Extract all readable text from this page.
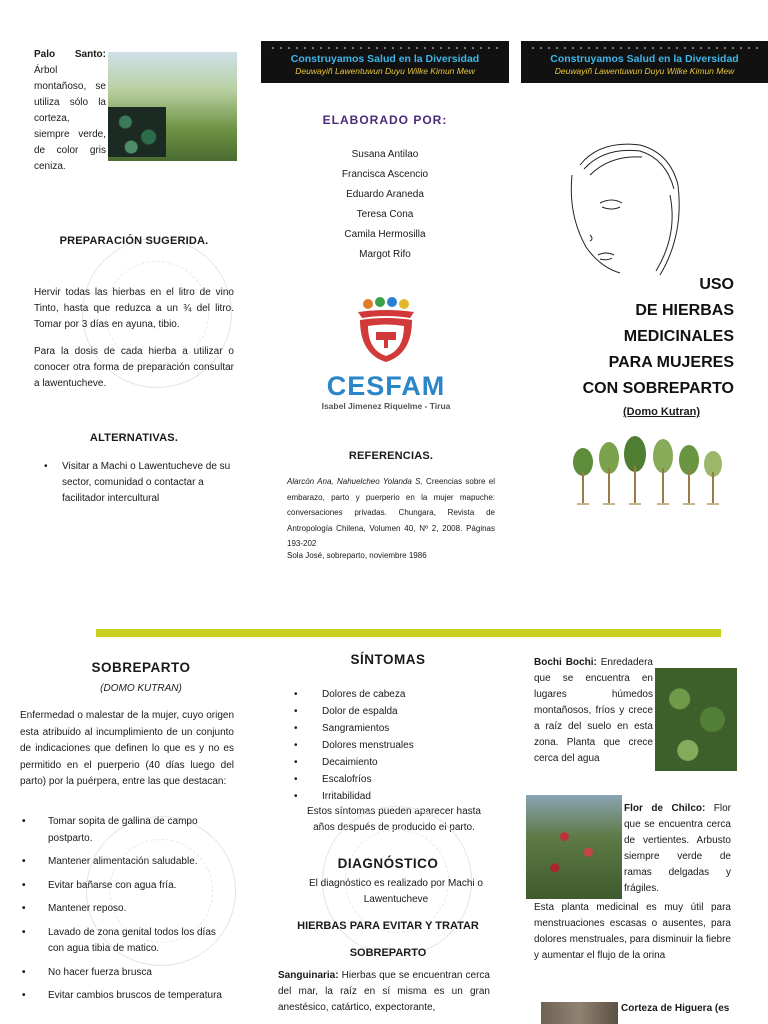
Palo Santo: Árbol montañoso, se utiliza sólo la corteza, siempre verde, de color gris ceniza.
PREPARACIÓN SUGERIDA.
Hervir todas las hierbas en el litro de vino Tinto, hasta que reduzca a un ¾ del litro. Tomar por 3 días en ayuna, tibio.
Para la dosis de cada hierba a utilizar o conocer otra forma de preparación consultar a lawentucheve.
ALTERNATIVAS.
• Visitar a Machi o Lawentucheve de su sector, comunidad o contactar a facilitador intercultural
Construyamos Salud en la Diversidad
Deuwayiñ Lawentuwun Duyu Wilke Kimun Mew
ELABORADO POR:
Susana Antilao
Francisca Ascencio
Eduardo Araneda
Teresa Cona
Camila Hermosilla
Margot Rifo
CESFAM
Isabel Jimenez Riquelme - Tirua
REFERENCIAS.
Alarcón Ana, Nahuelcheo Yolanda S, Creencias sobre el embarazo, parto y puerperio en la mujer mapuche: conversaciones privadas. Chungara, Revista de Antropología Chilena, Volumen 40, Nº 2, 2008. Páginas 193-202
Sola José, sobreparto, noviembre 1986
Construyamos Salud en la Diversidad
Deuwayiñ Lawentuwun Duyu Wilke Kimun Mew
USO
DE HIERBAS
MEDICINALES
PARA MUJERES
CON SOBREPARTO
(Domo Kutran)
SOBREPARTO
(DOMO KUTRAN)
Enfermedad o malestar de la mujer, cuyo origen esta atribuido al incumplimiento de un conjunto de indicaciones que definen lo que es y no es permitido en el puerperio (40 días luego del parto) por la puérpera, entre las que destacan:
• Tomar sopita de gallina de campo postparto.
• Mantener alimentación saludable.
• Evitar bañarse con agua fría.
• Mantener reposo.
• Lavado de zona genital todos los días con agua tibia de matico.
• No hacer fuerza brusca
• Evitar cambios bruscos de temperatura
SÍNTOMAS
• Dolores de cabeza
• Dolor de espalda
• Sangramientos
• Dolores menstruales
• Decaimiento
• Escalofríos
• Irritabilidad
Estos síntomas pueden aparecer hasta años después de producido el parto.
DIAGNÓSTICO
El diagnóstico es realizado por Machi o Lawentucheve
HIERBAS PARA EVITAR Y TRATAR
SOBREPARTO
Sanguinaria: Hierbas que se encuentran cerca del mar, la raíz en sí misma es un gran anestésico, catártico, expectorante,
Bochi Bochi: Enredadera que se encuentra en lugares húmedos montañosos, fríos y crece a raíz del suelo en esta zona. Planta que crece cerca del agua
Flor de Chilco: Flor que se encuentra cerca de vertientes. Arbusto siempre verde de ramas delgadas y frágiles.
Esta planta medicinal es muy útil para menstruaciones escasas o ausentes, para dolores menstruales, para disminuir la fiebre y aumentar el flujo de la orina
Corteza de Higuera (es
